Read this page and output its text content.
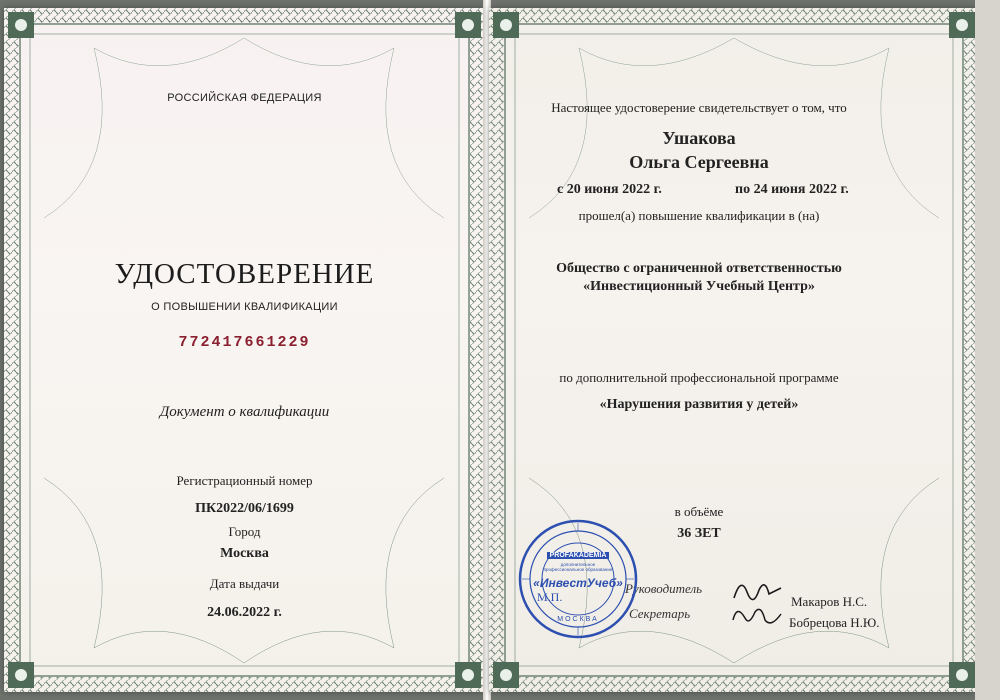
РОССИЙСКАЯ ФЕДЕРАЦИЯ
УДОСТОВЕРЕНИЕ
О ПОВЫШЕНИИ КВАЛИФИКАЦИИ
772417661229
Документ о квалификации
Регистрационный номер
ПК2022/06/1699
Город
Москва
Дата выдачи
24.06.2022 г.
Настоящее удостоверение свидетельствует о том, что
Ушакова
Ольга Сергеевна
с 20 июня 2022 г.	по 24 июня 2022 г.
прошел(а) повышение квалификации в (на)
Общество с ограниченной ответственностью
«Инвестиционный Учебный Центр»
по дополнительной профессиональной программе
«Нарушения развития у детей»
в объёме
36 ЗЕТ
Руководитель
Секретарь
Макаров Н.С.
Бобрецова Н.Ю.
PROFAKADEMIA
дополнительное профессиональное образование
«ИнвестУчеб»
МОСКВА
М.П.
